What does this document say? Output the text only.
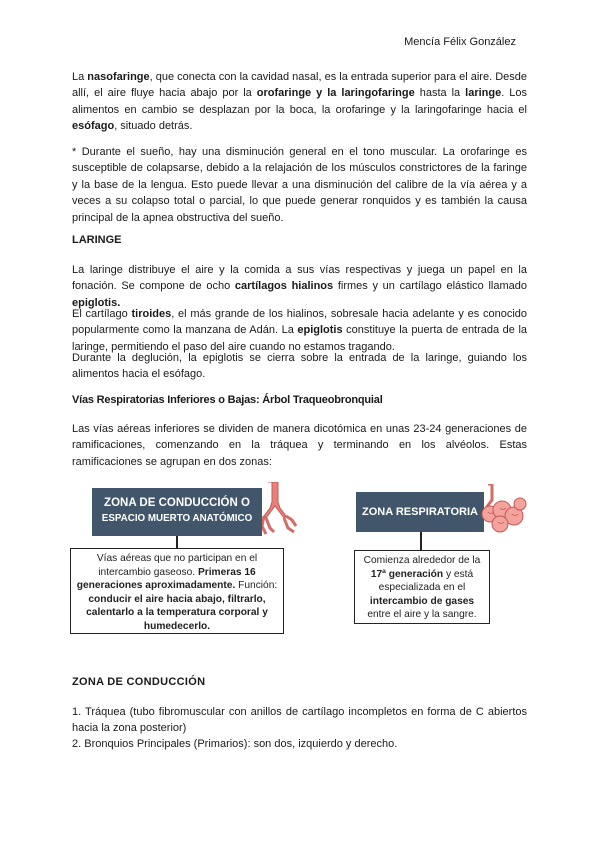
Mencía Félix González

La nasofaringe, que conecta con la cavidad nasal, es la entrada superior para el aire. Desde allí, el aire fluye hacia abajo por la orofaringe y la laringofaringe hasta la laringe. Los alimentos en cambio se desplazan por la boca, la orofaringe y la laringofaringe hacia el esófago, situado detrás.

* Durante el sueño, hay una disminución general en el tono muscular. La orofaringe es susceptible de colapsarse, debido a la relajación de los músculos constrictores de la faringe y la base de la lengua. Esto puede llevar a una disminución del calibre de la vía aérea y a veces a su colapso total o parcial, lo que puede generar ronquidos y es también la causa principal de la apnea obstructiva del sueño.

LARINGE

La laringe distribuye el aire y la comida a sus vías respectivas y juega un papel en la fonación. Se compone de ocho cartílagos hialinos firmes y un cartílago elástico llamado epiglotis.

El cartílago tiroides, el más grande de los hialinos, sobresale hacia adelante y es conocido popularmente como la manzana de Adán. La epiglotis constituye la puerta de entrada de la laringe, permitiendo el paso del aire cuando no estamos tragando.

Durante la deglución, la epiglotis se cierra sobre la entrada de la laringe, guiando los alimentos hacia el esófago.

Vías Respiratorias Inferiores o Bajas: Árbol Traqueobronquial

Las vías aéreas inferiores se dividen de manera dicotómica en unas 23-24 generaciones de ramificaciones, comenzando en la tráquea y terminando en los alvéolos. Estas ramificaciones se agrupan en dos zonas:

ZONA DE CONDUCCIÓN O
ESPACIO MUERTO ANATÓMICO
Vías aéreas que no participan en el intercambio gaseoso. Primeras 16 generaciones aproximadamente. Función: conducir el aire hacia abajo, filtrarlo, calentarlo a la temperatura corporal y humedecerlo.
ZONA RESPIRATORIA
Comienza alrededor de la 17ª generación y está especializada en el intercambio de gases entre el aire y la sangre.

ZONA DE CONDUCCIÓN

1. Tráquea (tubo fibromuscular con anillos de cartílago incompletos en forma de C abiertos hacia la zona posterior)

2. Bronquios Principales (Primarios): son dos, izquierdo y derecho.
